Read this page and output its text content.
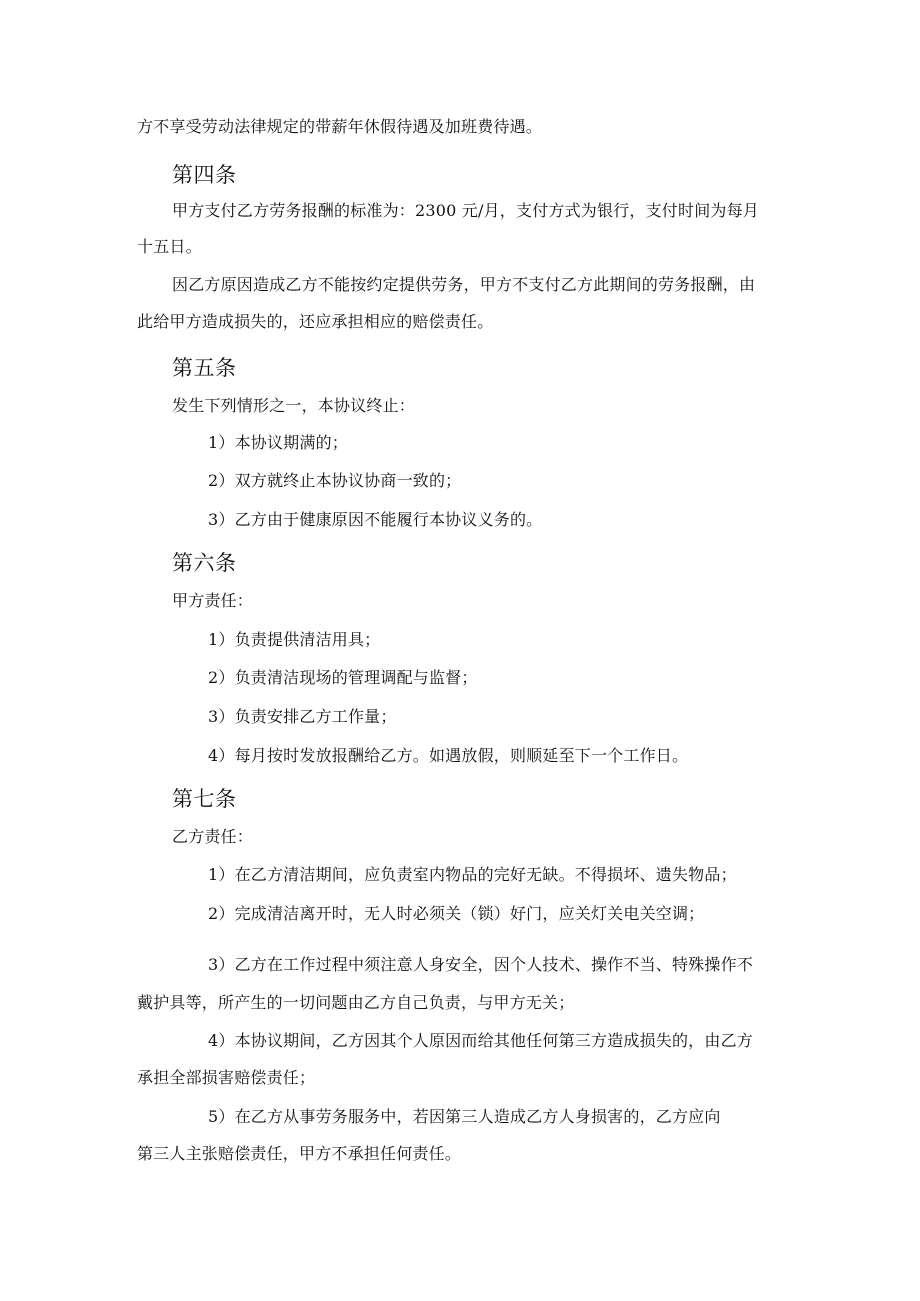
方不享受劳动法律规定的带薪年休假待遇及加班费待遇。
第四条
甲方支付乙方劳务报酬的标准为：2300 元/月，支付方式为银行，支付时间为每月
十五日。
因乙方原因造成乙方不能按约定提供劳务，甲方不支付乙方此期间的劳务报酬，由
此给甲方造成损失的，还应承担相应的赔偿责任。
第五条
发生下列情形之一，本协议终止：
1）本协议期满的；
2）双方就终止本协议协商一致的；
3）乙方由于健康原因不能履行本协议义务的。
第六条
甲方责任：
1）负责提供清洁用具；
2）负责清洁现场的管理调配与监督；
3）负责安排乙方工作量；
4）每月按时发放报酬给乙方。如遇放假，则顺延至下一个工作日。
第七条
乙方责任：
1）在乙方清洁期间，应负责室内物品的完好无缺。不得损坏、遗失物品；
2）完成清洁离开时，无人时必须关（锁）好门，应关灯关电关空调；
3）乙方在工作过程中须注意人身安全，因个人技术、操作不当、特殊操作不
戴护具等，所产生的一切问题由乙方自己负责，与甲方无关；
4）本协议期间，乙方因其个人原因而给其他任何第三方造成损失的，由乙方
承担全部损害赔偿责任；
5）在乙方从事劳务服务中，若因第三人造成乙方人身损害的，乙方应向
第三人主张赔偿责任，甲方不承担任何责任。
